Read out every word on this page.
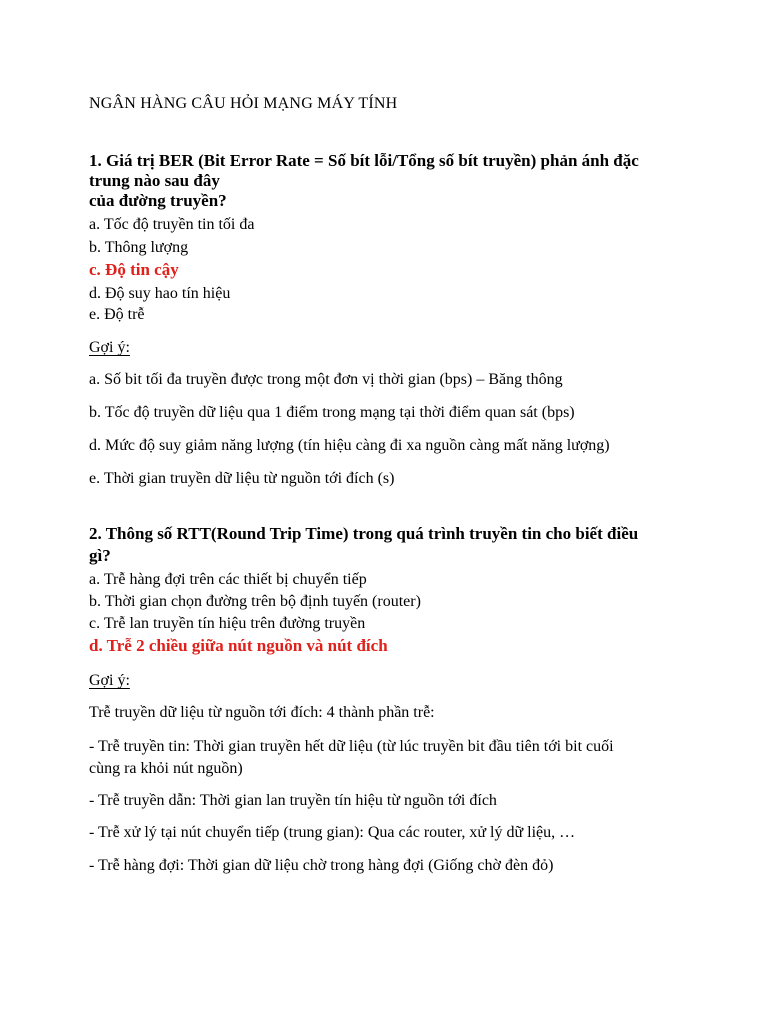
NGÂN HÀNG CÂU HỎI MẠNG MÁY TÍNH

1. Giá trị BER (Bit Error Rate = Số bít lỗi/Tổng số bít truyền) phản ánh đặc

trung nào sau đây

của đường truyền?

a. Tốc độ truyền tin tối đa

b. Thông lượng

c. Độ tin cậy

d. Độ suy hao tín hiệu

e. Độ trễ

Gợi ý:

a. Số bit tối đa truyền được trong một đơn vị thời gian (bps) – Băng thông

b. Tốc độ truyền dữ liệu qua 1 điểm trong mạng tại thời điểm quan sát (bps)

d. Mức độ suy giảm năng lượng (tín hiệu càng đi xa nguồn càng mất năng lượng)

e. Thời gian truyền dữ liệu từ nguồn tới đích (s)

2. Thông số RTT(Round Trip Time) trong quá trình truyền tin cho biết điều

gì?

a. Trễ hàng đợi trên các thiết bị chuyển tiếp

b. Thời gian chọn đường trên bộ định tuyến (router)

c. Trễ lan truyền tín hiệu trên đường truyền

d. Trễ 2 chiều giữa nút nguồn và nút đích

Gợi ý:

Trễ truyền dữ liệu từ nguồn tới đích: 4 thành phần trễ:

- Trễ truyền tin: Thời gian truyền hết dữ liệu (từ lúc truyền bit đầu tiên tới bit cuối

cùng ra khỏi nút nguồn)

- Trễ truyền dẫn: Thời gian lan truyền tín hiệu từ nguồn tới đích

- Trễ xử lý tại nút chuyển tiếp (trung gian): Qua các router, xử lý dữ liệu, …

- Trễ hàng đợi: Thời gian dữ liệu chờ trong hàng đợi (Giống chờ đèn đỏ)
